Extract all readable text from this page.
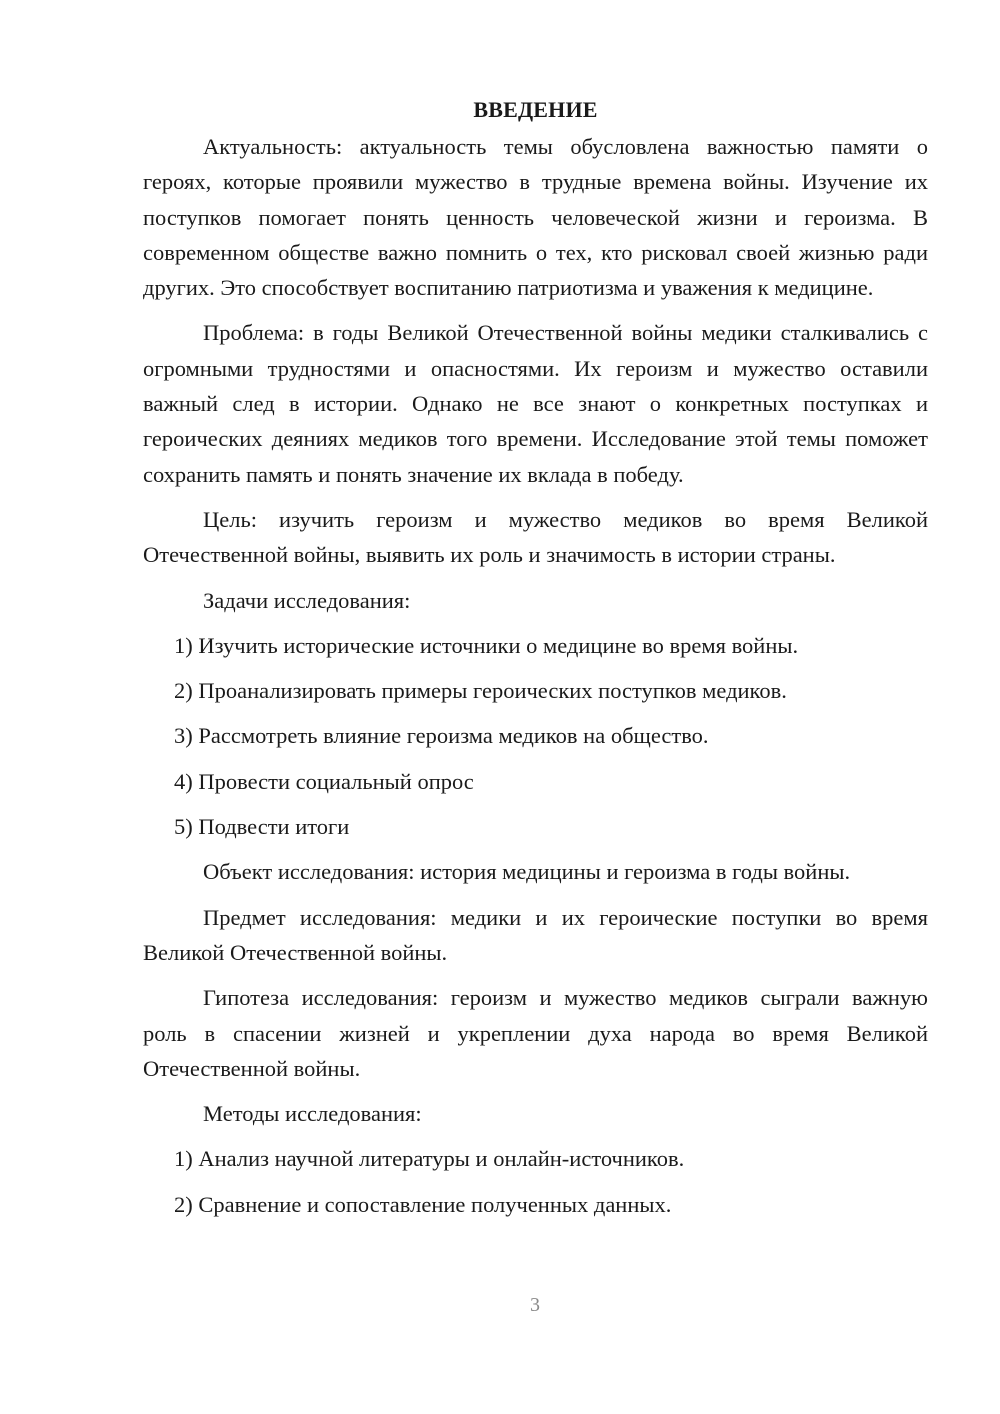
ВВЕДЕНИЕ

Актуальность: актуальность темы обусловлена важностью памяти о героях, которые проявили мужество в трудные времена войны. Изучение их поступков помогает понять ценность человеческой жизни и героизма. В современном обществе важно помнить о тех, кто рисковал своей жизнью ради других. Это способствует воспитанию патриотизма и уважения к медицине.

Проблема: в годы Великой Отечественной войны медики сталкивались с огромными трудностями и опасностями. Их героизм и мужество оставили важный след в истории. Однако не все знают о конкретных поступках и героических деяниях медиков того времени. Исследование этой темы поможет сохранить память и понять значение их вклада в победу.

Цель: изучить героизм и мужество медиков во время Великой Отечественной войны, выявить их роль и значимость в истории страны.

Задачи исследования:
1) Изучить исторические источники о медицине во время войны.
2) Проанализировать примеры героических поступков медиков.
3) Рассмотреть влияние героизма медиков на общество.
4) Провести социальный опрос
5) Подвести итоги

Объект исследования: история медицины и героизма в годы войны.

Предмет исследования: медики и их героические поступки во время Великой Отечественной войны.

Гипотеза исследования: героизм и мужество медиков сыграли важную роль в спасении жизней и укреплении духа народа во время Великой Отечественной войны.

Методы исследования:
1) Анализ научной литературы и онлайн-источников.
2) Сравнение и сопоставление полученных данных.
3
